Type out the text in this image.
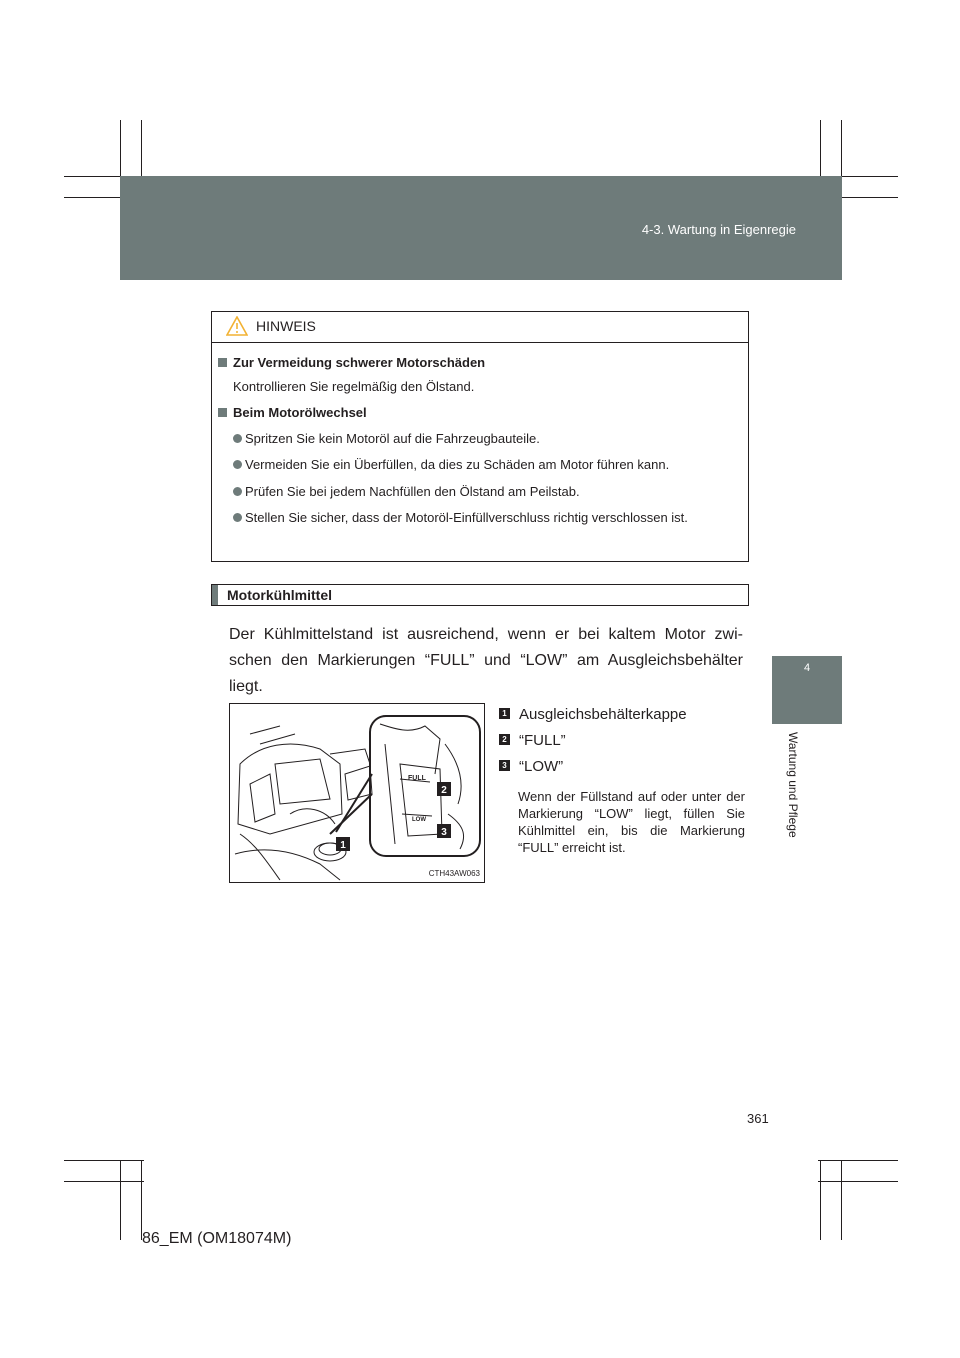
4-3. Wartung in Eigenregie
4
Wartung und Pflege
HINWEIS
Zur Vermeidung schwerer Motorschäden
Kontrollieren Sie regelmäßig den Ölstand.
Beim Motorölwechsel
Spritzen Sie kein Motoröl auf die Fahrzeugbauteile.
Vermeiden Sie ein Überfüllen, da dies zu Schäden am Motor führen kann.
Prüfen Sie bei jedem Nachfüllen den Ölstand am Peilstab.
Stellen Sie sicher, dass der Motoröl-Einfüllverschluss richtig verschlossen ist.
Motorkühlmittel
Der Kühlmittelstand ist ausreichend, wenn er bei kaltem Motor zwi-schen den Markierungen “FULL” und “LOW” am Ausgleichsbehälter liegt.
FULL
LOW
2
3
1
CTH43AW063
1 Ausgleichsbehälterkappe
2 “FULL”
3 “LOW”
Wenn der Füllstand auf oder unter der Markierung “LOW” liegt, füllen Sie Kühlmittel ein, bis die Markierung “FULL” erreicht ist.
361
86_EM (OM18074M)
